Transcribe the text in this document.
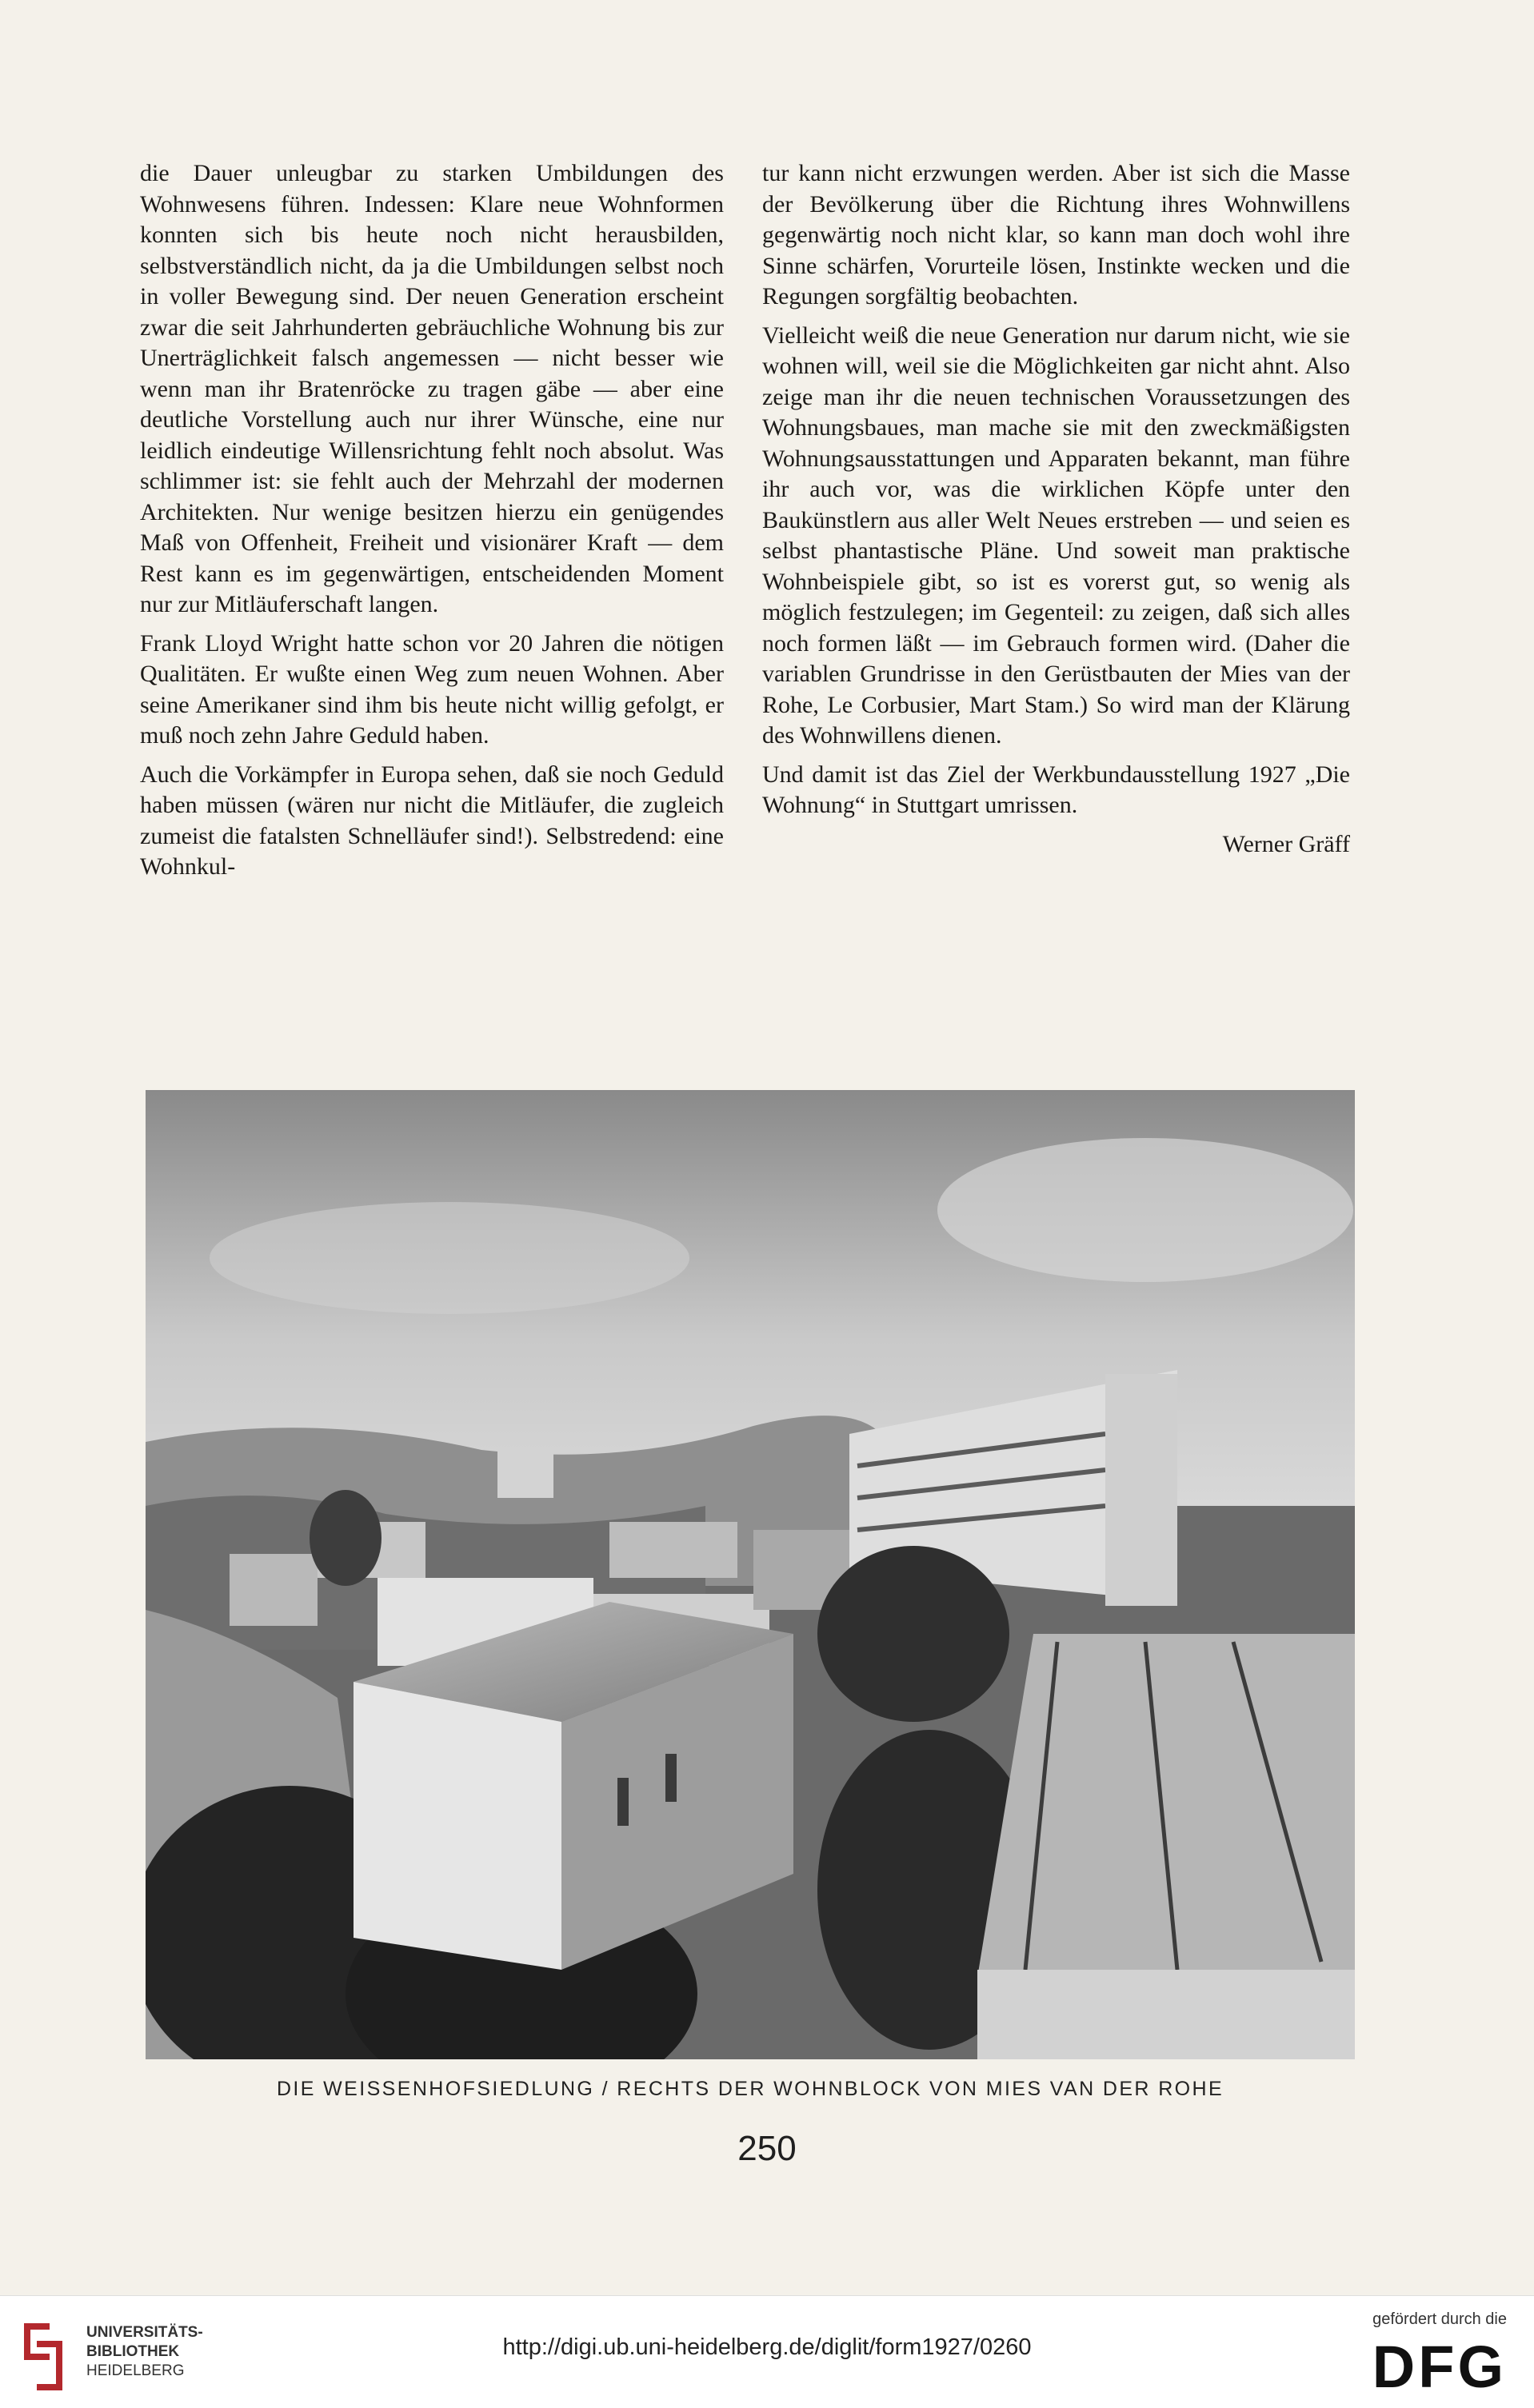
die Dauer unleugbar zu starken Umbildungen des Wohnwesens führen. Indessen: Klare neue Wohnformen konnten sich bis heute noch nicht herausbilden, selbstverständlich nicht, da ja die Umbildungen selbst noch in voller Bewegung sind. Der neuen Generation erscheint zwar die seit Jahrhunderten gebräuchliche Wohnung bis zur Unerträglichkeit falsch angemessen — nicht besser wie wenn man ihr Bratenröcke zu tragen gäbe — aber eine deutliche Vorstellung auch nur ihrer Wünsche, eine nur leidlich eindeutige Willensrichtung fehlt noch absolut. Was schlimmer ist: sie fehlt auch der Mehrzahl der modernen Architekten. Nur wenige besitzen hierzu ein genügendes Maß von Offenheit, Freiheit und visionärer Kraft — dem Rest kann es im gegenwärtigen, entscheidenden Moment nur zur Mitläuferschaft langen.

Frank Lloyd Wright hatte schon vor 20 Jahren die nötigen Qualitäten. Er wußte einen Weg zum neuen Wohnen. Aber seine Amerikaner sind ihm bis heute nicht willig gefolgt, er muß noch zehn Jahre Geduld haben.

Auch die Vorkämpfer in Europa sehen, daß sie noch Geduld haben müssen (wären nur nicht die Mitläufer, die zugleich zumeist die fatalsten Schnelläufer sind!). Selbstredend: eine Wohnkul-

tur kann nicht erzwungen werden. Aber ist sich die Masse der Bevölkerung über die Richtung ihres Wohnwillens gegenwärtig noch nicht klar, so kann man doch wohl ihre Sinne schärfen, Vorurteile lösen, Instinkte wecken und die Regungen sorgfältig beobachten.

Vielleicht weiß die neue Generation nur darum nicht, wie sie wohnen will, weil sie die Möglichkeiten gar nicht ahnt. Also zeige man ihr die neuen technischen Voraussetzungen des Wohnungsbaues, man mache sie mit den zweckmäßigsten Wohnungsausstattungen und Apparaten bekannt, man führe ihr auch vor, was die wirklichen Köpfe unter den Baukünstlern aus aller Welt Neues erstreben — und seien es selbst phantastische Pläne. Und soweit man praktische Wohnbeispiele gibt, so ist es vorerst gut, so wenig als möglich festzulegen; im Gegenteil: zu zeigen, daß sich alles noch formen läßt — im Gebrauch formen wird. (Daher die variablen Grundrisse in den Gerüstbauten der Mies van der Rohe, Le Corbusier, Mart Stam.) So wird man der Klärung des Wohnwillens dienen.

Und damit ist das Ziel der Werkbundausstellung 1927 „Die Wohnung“ in Stuttgart umrissen.

Werner Gräff

DIE WEISSENHOFSIEDLUNG / RECHTS DER WOHNBLOCK VON MIES VAN DER ROHE
250
UNIVERSITÄTS-
BIBLIOTHEK
HEIDELBERG
http://digi.ub.uni-heidelberg.de/diglit/form1927/0260
gefördert durch die
DFG
